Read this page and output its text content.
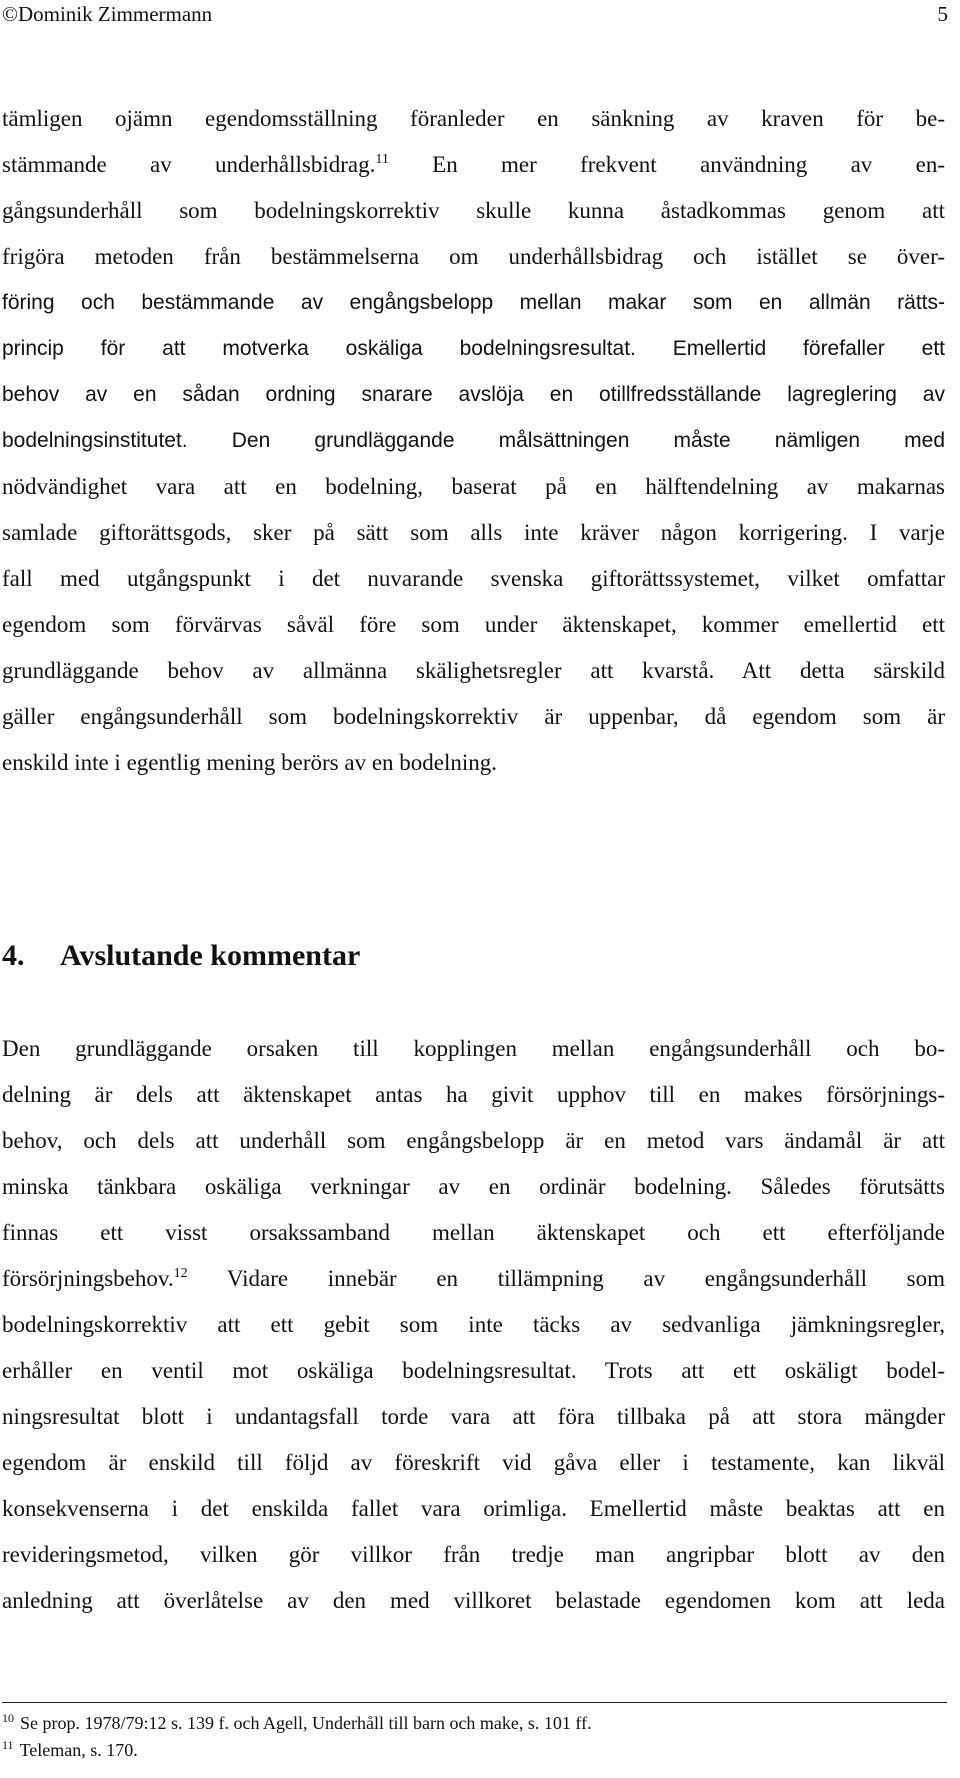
©Dominik Zimmermann	5
tämligen ojämn egendomsställning föranleder en sänkning av kraven för be-
stämmande av underhållsbidrag.$^{11}$ En mer frekvent användning av en-
gångsunderhåll som bodelningskorrektiv skulle kunna åstadkommas genom att
frigöra metoden från bestämmelserna om underhållsbidrag och istället se över-
föring och bestämmande av engångsbelopp mellan makar som en allmän rätts-
princip för att motverka oskäliga bodelningsresultat. Emellertid förefaller ett
behov av en sådan ordning snarare avslöja en otillfredsställande lagreglering av
bodelningsinstitutet. Den grundläggande målsättningen måste nämligen med
nödvändighet vara att en bodelning, baserat på en hälftendelning av makarnas
samlade giftorättsgods, sker på sätt som alls inte kräver någon korrigering. I varje
fall med utgångspunkt i det nuvarande svenska giftorättssystemet, vilket omfattar
egendom som förvärvas såväl före som under äktenskapet, kommer emellertid ett
grundläggande behov av allmänna skälighetsregler att kvarstå. Att detta särskild
gäller engångsunderhåll som bodelningskorrektiv är uppenbar, då egendom som är
enskild inte i egentlig mening berörs av en bodelning.
4. Avslutande kommentar
Den grundläggande orsaken till kopplingen mellan engångsunderhåll och bo-
delning är dels att äktenskapet antas ha givit upphov till en makes försörjnings-
behov, och dels att underhåll som engångsbelopp är en metod vars ändamål är att
minska tänkbara oskäliga verkningar av en ordinär bodelning. Således förutsätts
finnas ett visst orsakssamband mellan äktenskapet och ett efterföljande
försörjningsbehov.$^{12}$ Vidare innebär en tillämpning av engångsunderhåll som
bodelningskorrektiv att ett gebit som inte täcks av sedvanliga jämkningsregler,
erhåller en ventil mot oskäliga bodelningsresultat. Trots att ett oskäligt bodel-
ningsresultat blott i undantagsfall torde vara att föra tillbaka på att stora mängder
egendom är enskild till följd av föreskrift vid gåva eller i testamente, kan likväl
konsekvenserna i det enskilda fallet vara orimliga. Emellertid måste beaktas att en
revideringsmetod, vilken gör villkor från tredje man angripbar blott av den
anledning att överlåtelse av den med villkoret belastade egendomen kom att leda
$^{10}$ Se prop. 1978/79:12 s. 139 f. och Agell, Underhåll till barn och make, s. 101 ff.
$^{11}$ Teleman, s. 170.
